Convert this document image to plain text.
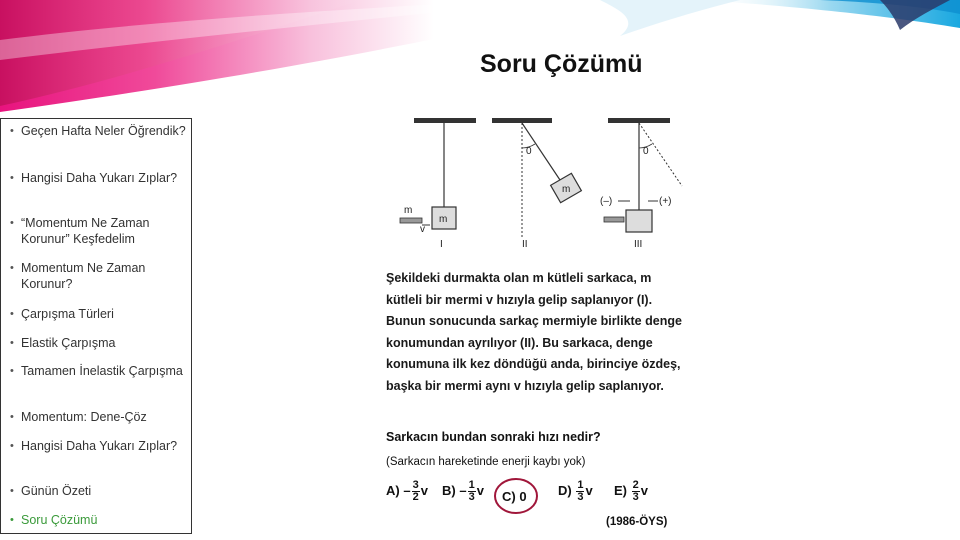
Soru Çözümü
• Geçen Hafta Neler Öğrendik?
• Hangisi Daha Yukarı Zıplar?
• “Momentum Ne Zaman Korunur” Keşfedelim
• Momentum Ne Zaman Korunur?
• Çarpışma Türleri
• Elastik Çarpışma
• Tamamen İnelastik Çarpışma
• Momentum: Dene-Çöz
• Hangisi Daha Yukarı Zıplar?
• Günün Özeti
• Soru Çözümü
m
m
v
I
0
m
II
0
(–)	(+)
III
Şekildeki durmakta olan m kütleli sarkaca, m kütleli bir mermi v hızıyla gelip saplanıyor (I). Bunun sonucunda sarkaç mermiyle birlikte denge konumundan ayrılıyor (II). Bu sarkaca, denge konumuna ilk kez döndüğü anda, birinciye özdeş, başka bir mermi aynı v hızıyla gelip saplanıyor.
Sarkacın bundan sonraki hızı nedir?
(Sarkacın hareketinde enerji kaybı yok)
$A) - \frac{3}{2}$ v $B) - \frac{1}{3}$ v C) 0 $D) \frac{1}{3}$ v $E) \frac{2}{3}$ v
(1986-ÖYS)
